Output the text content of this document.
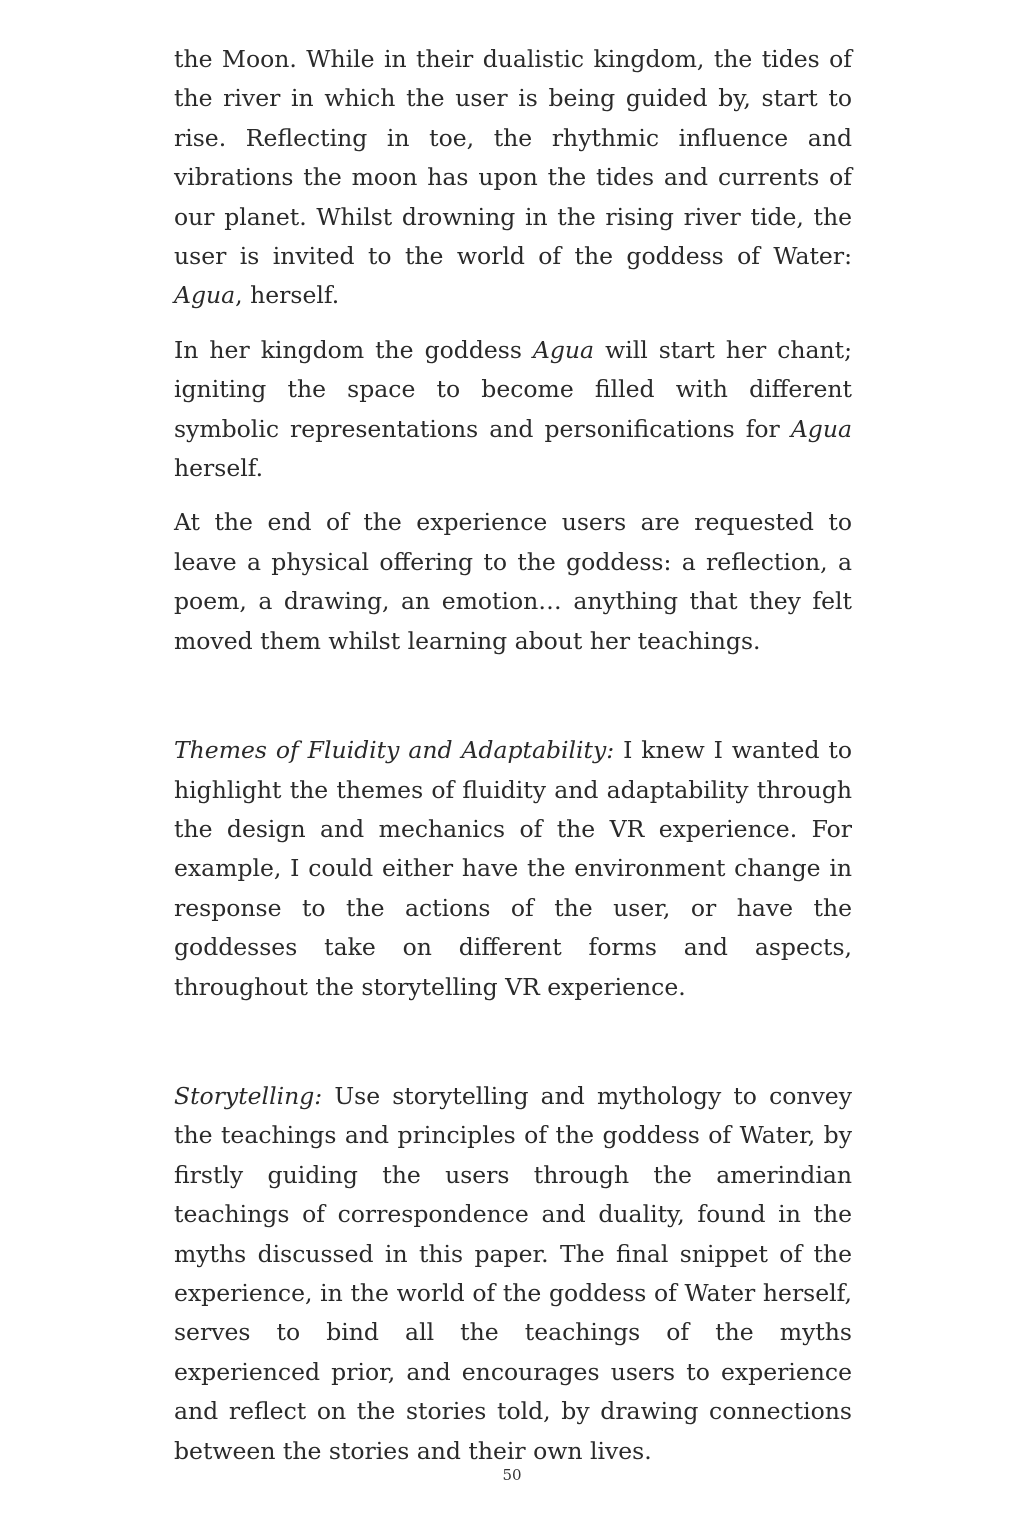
the Moon. While in their dualistic kingdom, the tides of the river in which the user is being guided by, start to rise. Reflecting in toe, the rhythmic influence and vibrations the moon has upon the tides and currents of our planet. Whilst drowning in the rising river tide, the user is invited to the world of the goddess of Water: Agua, herself.

In her kingdom the goddess Agua will start her chant; igniting the space to become filled with different symbolic representations and personifications for Agua herself.

At the end of the experience users are requested to leave a physical offering to the goddess: a reflection, a poem, a drawing, an emotion… anything that they felt moved them whilst learning about her teachings.

Themes of Fluidity and Adaptability: I knew I wanted to highlight the themes of fluidity and adaptability through the design and mechanics of the VR experience. For example, I could either have the environment change in response to the actions of the user, or have the goddesses take on different forms and aspects, throughout the storytelling VR experience.

Storytelling: Use storytelling and mythology to convey the teachings and principles of the goddess of Water, by firstly guiding the users through the amerindian teachings of correspondence and duality, found in the myths discussed in this paper. The final snippet of the experience, in the world of the goddess of Water herself, serves to bind all the teachings of the myths experienced prior, and encourages users to experience and reflect on the stories told, by drawing connections between the stories and their own lives.

50
